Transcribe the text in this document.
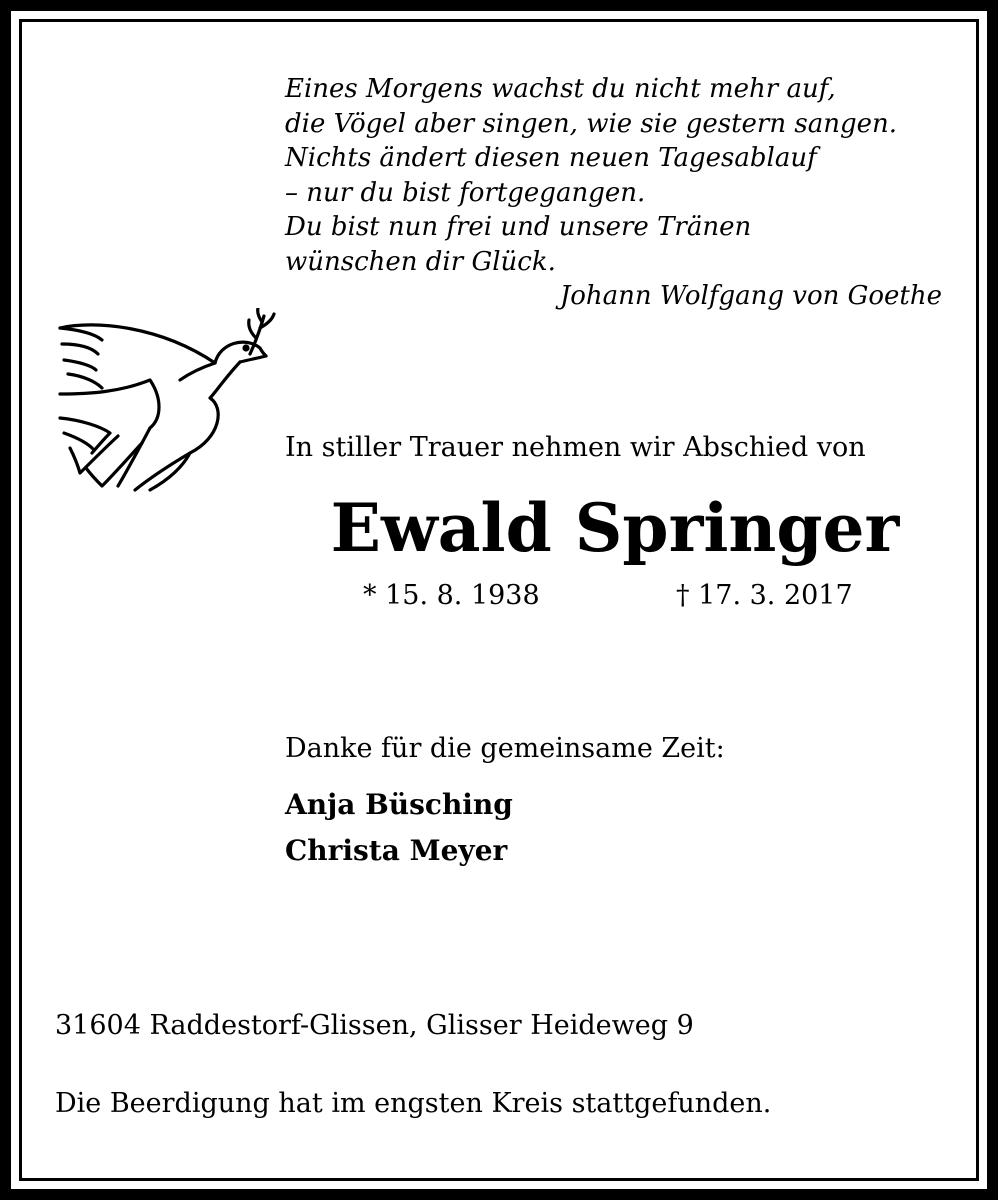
Eines Morgens wachst du nicht mehr auf,
die Vögel aber singen, wie sie gestern sangen.
Nichts ändert diesen neuen Tagesablauf
– nur du bist fortgegangen.
Du bist nun frei und unsere Tränen
wünschen dir Glück.
Johann Wolfgang von Goethe
In stiller Trauer nehmen wir Abschied von
Ewald Springer
* 15. 8. 1938	† 17. 3. 2017
Danke für die gemeinsame Zeit:
Anja Büsching
Christa Meyer
31604 Raddestorf-Glissen, Glisser Heideweg 9
Die Beerdigung hat im engsten Kreis stattgefunden.
